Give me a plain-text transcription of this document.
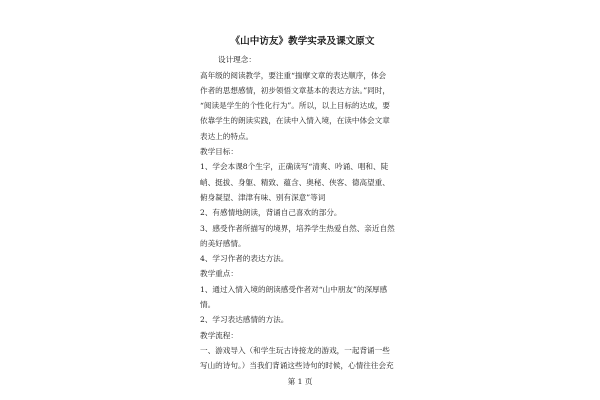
《山中访友》教学实录及课文原文
设计理念：
高年级的阅读教学，要注重“揣摩文章的表达顺序，体会
作者的思想感情，初步领悟文章基本的表达方法。”同时，
“阅读是学生的个性化行为”。所以，以上目标的达成，要
依靠学生的朗读实践，在读中入情入境，在读中体会文章
表达上的特点。
教学目标：
1、学会本课8个生字，正确读写“清爽、吟诵、唱和、陡
峭、挺拔、身躯、精致、蕴含、奥秘、侠客、德高望重、
俯身凝望、津津有味、别有深意”等词
2、有感情地朗读，背诵自己喜欢的部分。
3、感受作者所描写的境界，培养学生热爱自然、亲近自然
的美好感情。
4、学习作者的表达方法。
教学重点：
1、通过入情入境的朗读感受作者对“山中朋友”的深厚感
情。
2、学习表达感情的方法。
教学流程：
一、游戏导入（和学生玩古诗接龙的游戏，一起背诵一些
写山的诗句。）当我们背诵这些诗句的时候，心情往往会充
第 1 页
